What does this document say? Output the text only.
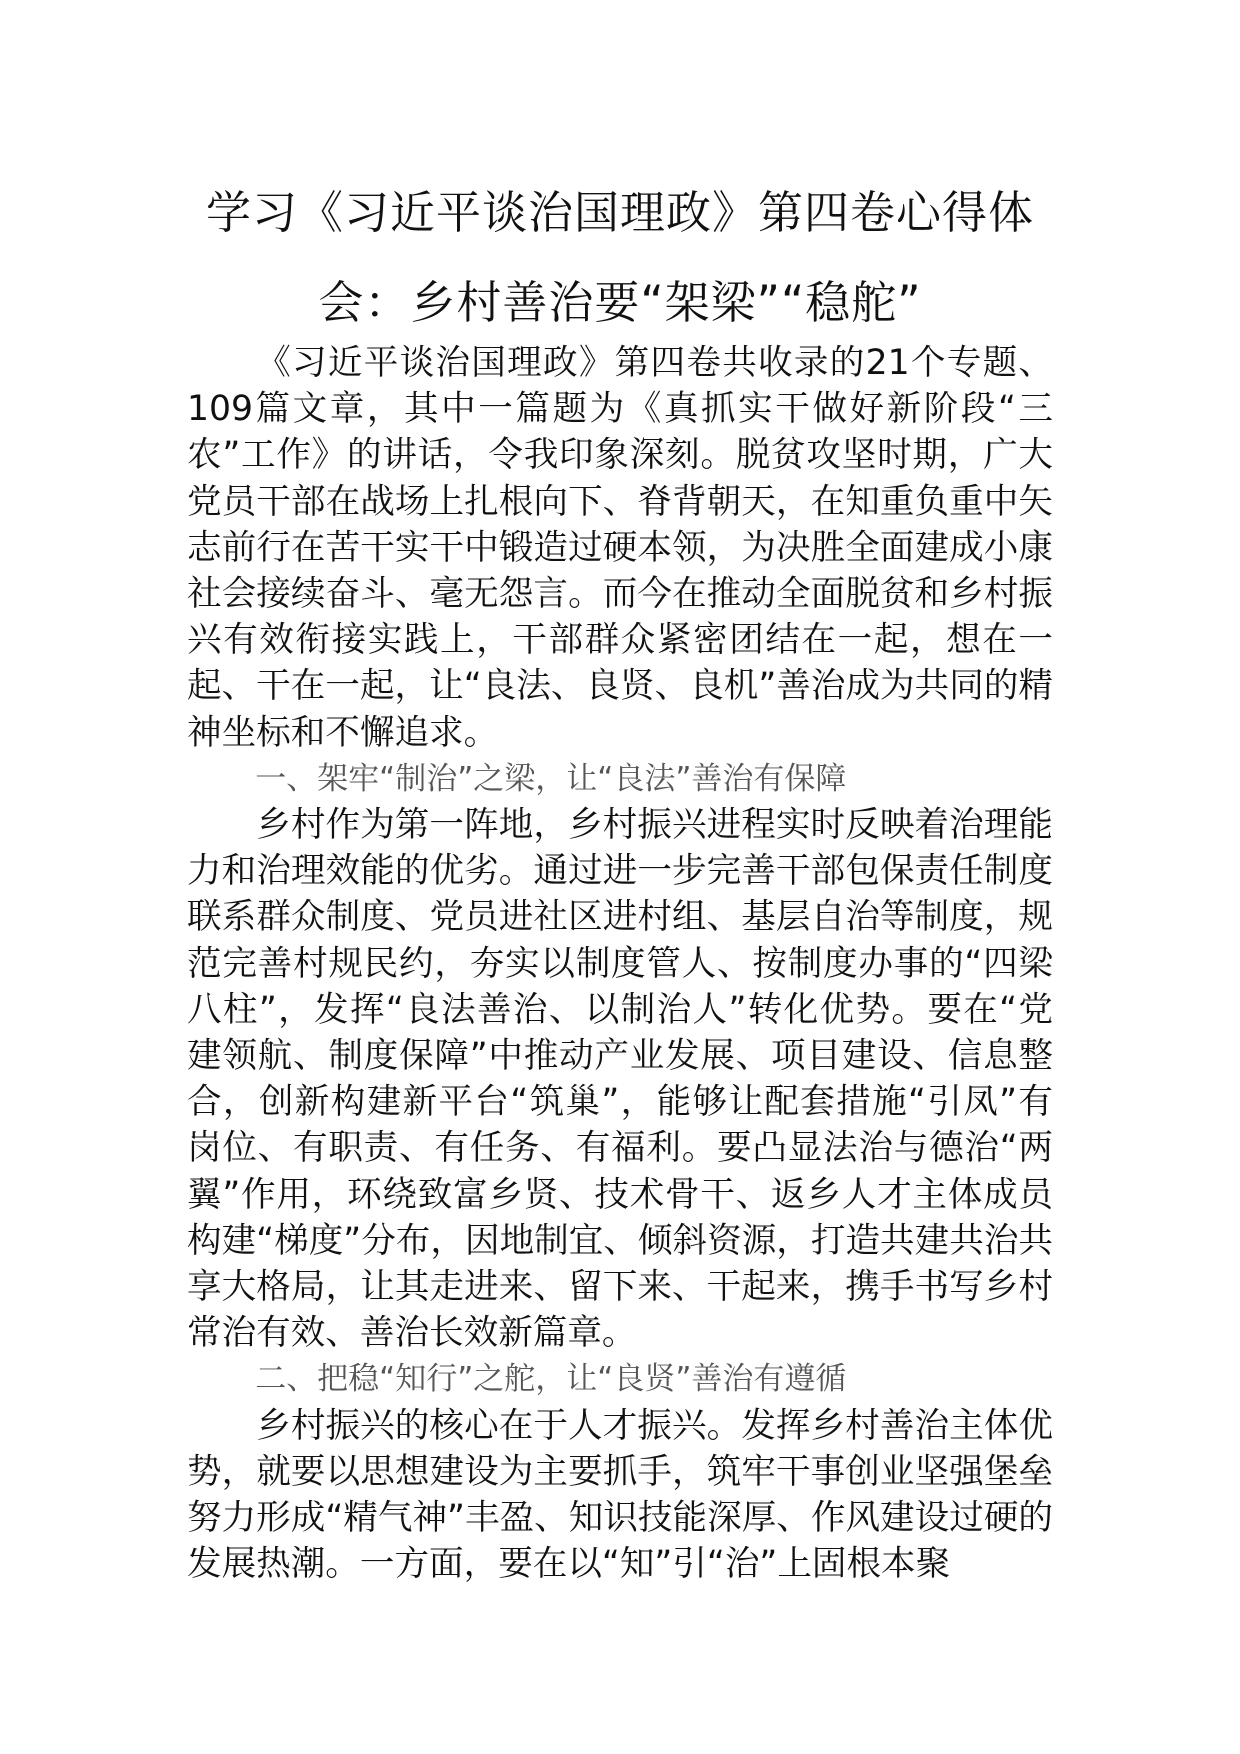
学习《习近平谈治国理政》第四卷心得体
会：乡村善治要“架梁”“稳舵”

《习近平谈治国理政》第四卷共收录的21个专题、109篇文章，其中一篇题为《真抓实干做好新阶段“三农”工作》的讲话，令我印象深刻。脱贫攻坚时期，广大党员干部在战场上扎根向下、脊背朝天，在知重负重中矢志前行在苦干实干中锻造过硬本领，为决胜全面建成小康社会接续奋斗、毫无怨言。而今在推动全面脱贫和乡村振兴有效衔接实践上，干部群众紧密团结在一起，想在一起、干在一起，让“良法、良贤、良机”善治成为共同的精神坐标和不懈追求。

一、架牢“制治”之梁，让“良法”善治有保障

乡村作为第一阵地，乡村振兴进程实时反映着治理能力和治理效能的优劣。通过进一步完善干部包保责任制度联系群众制度、党员进社区进村组、基层自治等制度，规范完善村规民约，夯实以制度管人、按制度办事的“四梁八柱”，发挥“良法善治、以制治人”转化优势。要在“党建领航、制度保障”中推动产业发展、项目建设、信息整合，创新构建新平台“筑巢”，能够让配套措施“引凤”有岗位、有职责、有任务、有福利。要凸显法治与德治“两翼”作用，环绕致富乡贤、技术骨干、返乡人才主体成员构建“梯度”分布，因地制宜、倾斜资源，打造共建共治共享大格局，让其走进来、留下来、干起来，携手书写乡村常治有效、善治长效新篇章。

二、把稳“知行”之舵，让“良贤”善治有遵循

乡村振兴的核心在于人才振兴。发挥乡村善治主体优势，就要以思想建设为主要抓手，筑牢干事创业坚强堡垒努力形成“精气神”丰盈、知识技能深厚、作风建设过硬的发展热潮。一方面，要在以“知”引“治”上固根本聚
